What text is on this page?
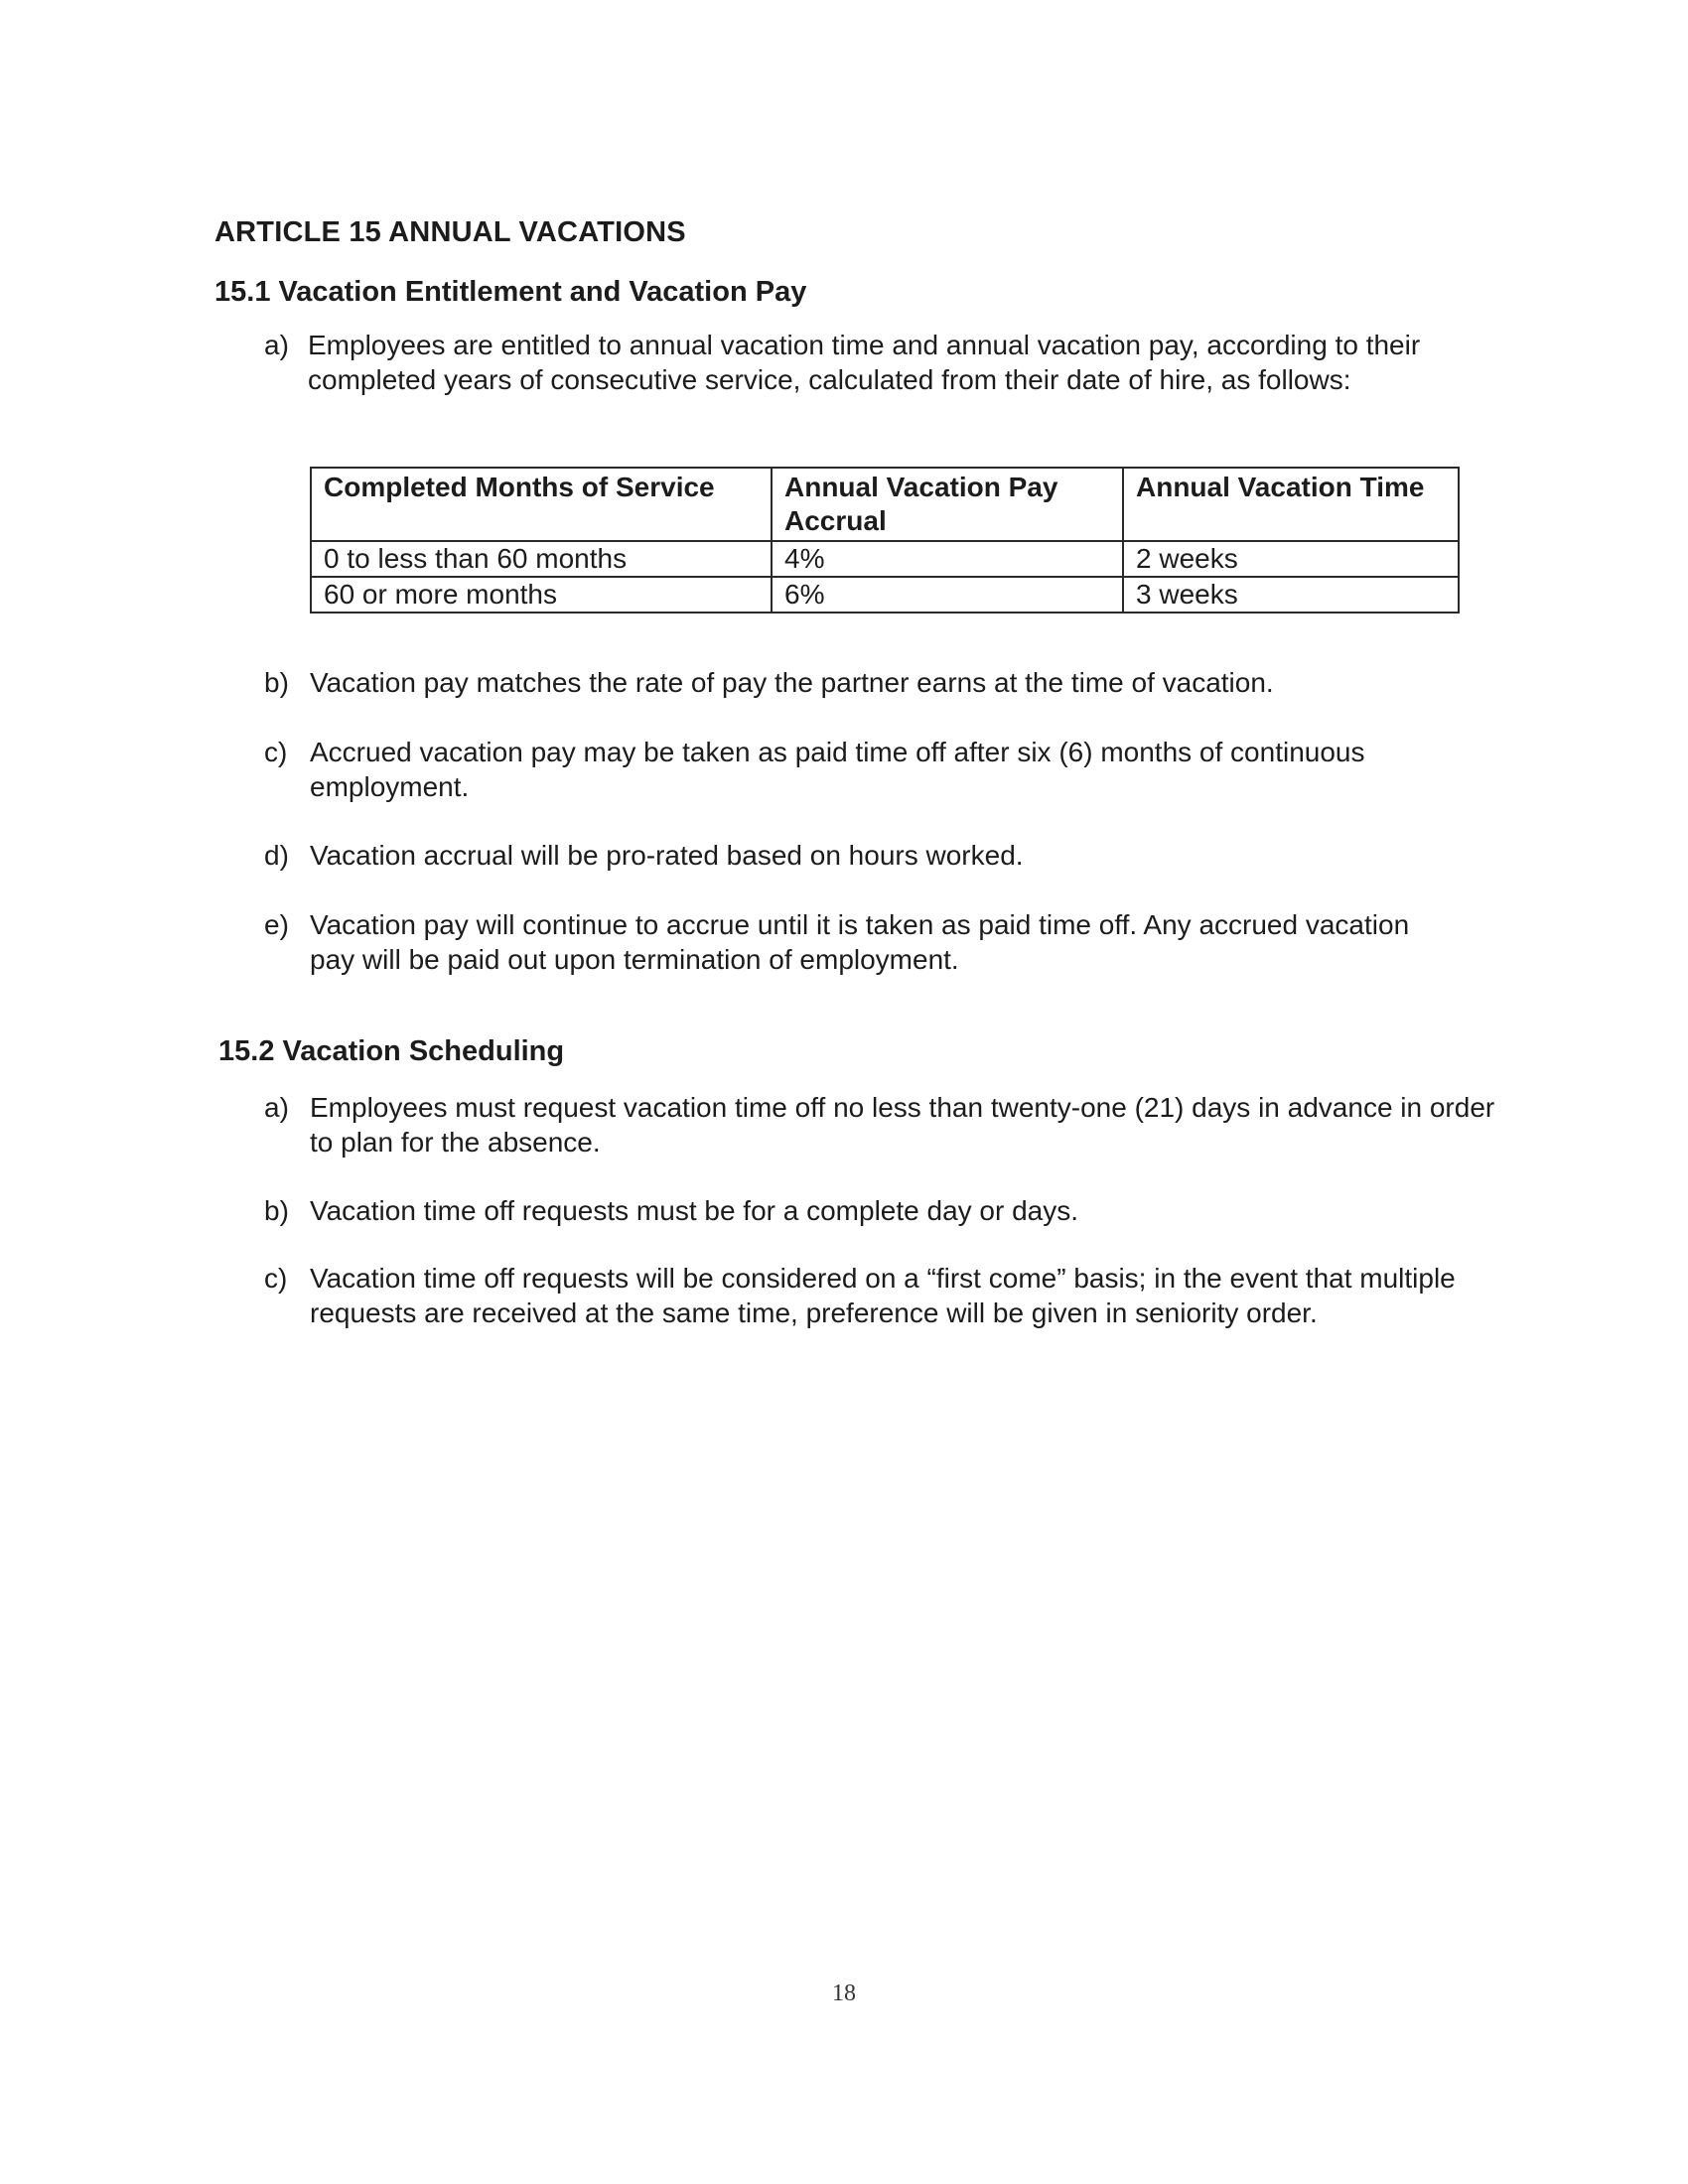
ARTICLE 15 ANNUAL VACATIONS
15.1 Vacation Entitlement and Vacation Pay
a) Employees are entitled to annual vacation time and annual vacation pay, according to their completed years of consecutive service, calculated from their date of hire, as follows:
Completed Months of Service	Annual Vacation Pay Accrual	Annual Vacation Time
0 to less than 60 months	4%	2 weeks
60 or more months	6%	3 weeks
b) Vacation pay matches the rate of pay the partner earns at the time of vacation.
c) Accrued vacation pay may be taken as paid time off after six (6) months of continuous employment.
d) Vacation accrual will be pro-rated based on hours worked.
e) Vacation pay will continue to accrue until it is taken as paid time off. Any accrued vacation pay will be paid out upon termination of employment.
15.2 Vacation Scheduling
a) Employees must request vacation time off no less than twenty-one (21) days in advance in order to plan for the absence.
b) Vacation time off requests must be for a complete day or days.
c) Vacation time off requests will be considered on a “first come” basis; in the event that multiple requests are received at the same time, preference will be given in seniority order.
18
